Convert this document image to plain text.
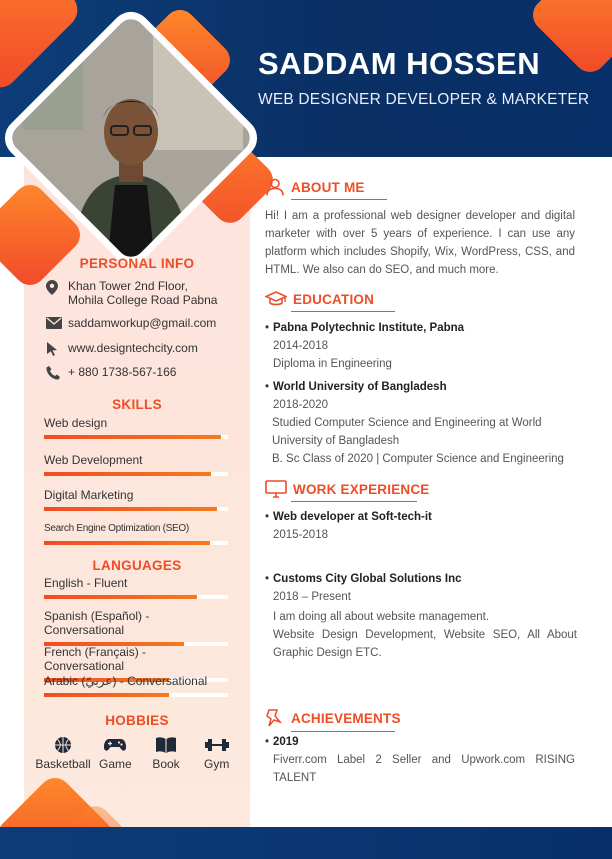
SADDAM HOSSEN
WEB DESIGNER DEVELOPER & MARKETER
PERSONAL INFO
Khan Tower 2nd Floor,
Mohila College Road Pabna
saddamworkup@gmail.com
www.designtechcity.com
+ 880 1738-567-166
SKILLS
Web design
Web Development
Digital Marketing
Search Engine Optimization (SEO)
LANGUAGES
English - Fluent
Spanish (Español) - Conversational
French (Français) - Conversational
Arabic (عربيّ) - Conversational
HOBBIES
Basketball Game Book Gym
ABOUT ME
Hi! I am a professional web designer developer and digital marketer with over 5 years of experience. I can use any platform which includes Shopify, Wix, WordPress, CSS, and HTML. We also can do SEO, and much more.
EDUCATION
• Pabna Polytechnic Institute, Pabna
2014-2018
Diploma in Engineering
• World University of Bangladesh
2018-2020
Studied Computer Science and Engineering at World University of Bangladesh
B. Sc Class of 2020 | Computer Science and Engineering
WORK EXPERIENCE
• Web developer at Soft-tech-it
2015-2018
• Customs City Global Solutions Inc
2018 – Present
I am doing all about website management.
Website Design Development, Website SEO, All About Graphic Design ETC.
ACHIEVEMENTS
• 2019
Fiverr.com Label 2 Seller and Upwork.com RISING TALENT
